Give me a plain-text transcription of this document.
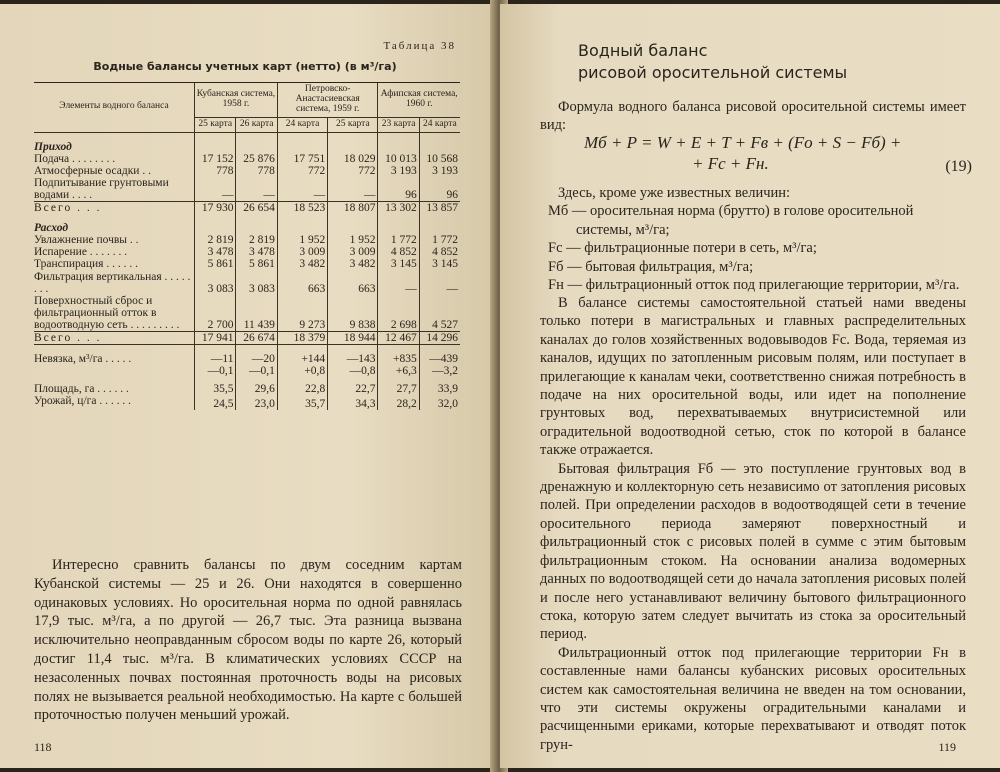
Таблица 38
Водные балансы учетных карт (нетто) (в м³/га)
Элементы водного баланса	Кубанская система, 1958 г.		Петровско-Анастасиевская система, 1959 г.		Афипская система, 1960 г.	
	25 карта	26 карта	24 карта	25 карта	23 карта	24 карта
Приход						
Подача . . . . . . . .	17 152	25 876	17 751	18 029	10 013	10 568
Атмосферные осадки . .	778	778	772	772	3 193	3 193
Подпитывание грунтовыми водами . . . .	—	—	—	—	96	96
Всего . . .	17 930	26 654	18 523	18 807	13 302	13 857
Расход						
Увлажнение почвы . .	2 819	2 819	1 952	1 952	1 772	1 772
Испарение . . . . . . .	3 478	3 478	3 009	3 009	4 852	4 852
Транспирация . . . . . .	5 861	5 861	3 482	3 482	3 145	3 145
Фильтрация вертикальная . . . . . . . .	3 083	3 083	663	663	—	—
Поверхностный сброс и фильтрационный отток в водоотводную сеть . . . . . . . . .	2 700	11 439	9 273	9 838	2 698	4 527
Всего . . .	17 941	26 674	18 379	18 944	12 467	14 296
Невязка, м³/га . . . . .	—11	—20	+144	—143	+835	—439
	—0,1	—0,1	+0,8	—0,8	+6,3	—3,2
Площадь, га . . . . . .	35,5	29,6	22,8	22,7	27,7	33,9
Урожай, ц/га . . . . . .	24,5	23,0	35,7	34,3	28,2	32,0

Интересно сравнить балансы по двум соседним картам Кубанской системы — 25 и 26. Они находятся в совершенно одинаковых условиях. Но оросительная норма по одной равнялась 17,9 тыс. м³/га, а по другой — 26,7 тыс. Эта разница вызвана исключительно неоправданным сбросом воды по карте 26, который достиг 11,4 тыс. м³/га. В климатических условиях СССР на незасоленных почвах постоянная проточность воды на рисовых полях не вызывается реальной необходимостью. На карте с большей проточностью получен меньший урожай.

118
Водный баланс
рисовой оросительной системы

Формула водного баланса рисовой оросительной системы имеет вид:

Mб + P = W + E + T + Fв + (Fо + S − Fб) +
+ Fс + Fн.	(19)
Здесь, кроме уже известных величин:
Mб — оросительная норма (брутто) в голове оросительной системы, м³/га;
Fс — фильтрационные потери в сеть, м³/га;
Fб — бытовая фильтрация, м³/га;
Fн — фильтрационный отток под прилегающие территории, м³/га.

В балансе системы самостоятельной статьей нами введены только потери в магистральных и главных распределительных каналах до голов хозяйственных водовыводов Fс. Вода, теряемая из каналов, идущих по затопленным рисовым полям, или поступает в прилегающие к каналам чеки, соответственно снижая потребность в подаче на них оросительной воды, или идет на пополнение грунтовых вод, перехватываемых внутрисистемной или оградительной водоотводной сетью, сток по которой в балансе также отражается.

Бытовая фильтрация Fб — это поступление грунтовых вод в дренажную и коллекторную сеть независимо от затопления рисовых полей. При определении расходов в водоотводящей сети в течение оросительного периода замеряют поверхностный и фильтрационный сток с рисовых полей в сумме с этим бытовым фильтрационным стоком. На основании анализа водомерных данных по водоотводящей сети до начала затопления рисовых полей и после него устанавливают величину бытового фильтрационного стока, которую затем следует вычитать из стока за оросительный период.

Фильтрационный отток под прилегающие территории Fн в составленные нами балансы кубанских рисовых оросительных систем как самостоятельная величина не введен на том основании, что эти системы окружены оградительными каналами и расчищенными ериками, которые перехватывают и отводят поток грун-	119
